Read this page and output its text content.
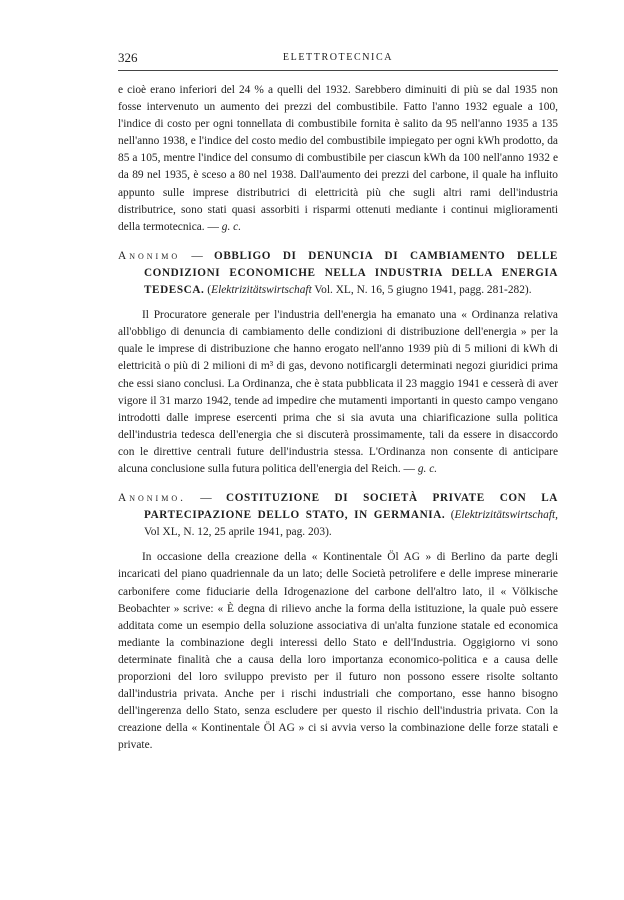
326	ELETTROTECNICA

e cioè erano inferiori del 24 % a quelli del 1932. Sarebbero diminuiti di più se dal 1935 non fosse intervenuto un aumento dei prezzi del combustibile. Fatto l'anno 1932 eguale a 100, l'indice di costo per ogni tonnellata di combustibile fornita è salito da 95 nell'anno 1935 a 135 nell'anno 1938, e l'indice del costo medio del combustibile impiegato per ogni kWh prodotto, da 85 a 105, mentre l'indice del consumo di combustibile per ciascun kWh da 100 nell'anno 1932 e da 89 nel 1935, è sceso a 80 nel 1938. Dall'aumento dei prezzi del carbone, il quale ha influito appunto sulle imprese distributrici di elettricità più che sugli altri rami dell'industria distributrice, sono stati quasi assorbiti i risparmi ottenuti mediante i continui miglioramenti della termotecnica. — g. c.

Anonimo — OBBLIGO DI DENUNCIA DI CAMBIAMENTO DELLE CONDIZIONI ECONOMICHE NELLA INDUSTRIA DELLA ENERGIA TEDESCA. (Elektrizitätswirtschaft Vol. XL, N. 16, 5 giugno 1941, pagg. 281-282).

Il Procuratore generale per l'industria dell'energia ha emanato una « Ordinanza relativa all'obbligo di denuncia di cambiamento delle condizioni di distribuzione dell'energia » per la quale le imprese di distribuzione che hanno erogato nell'anno 1939 più di 5 milioni di kWh di elettricità o più di 2 milioni di m³ di gas, devono notificargli determinati negozi giuridici prima che essi siano conclusi. La Ordinanza, che è stata pubblicata il 23 maggio 1941 e cesserà di aver vigore il 31 marzo 1942, tende ad impedire che mutamenti importanti in questo campo vengano introdotti dalle imprese esercenti prima che si sia avuta una chiarificazione sulla politica dell'industria tedesca dell'energia che si discuterà prossimamente, tali da essere in disaccordo con le direttive centrali future dell'industria stessa. L'Ordinanza non consente di anticipare alcuna conclusione sulla futura politica dell'energia del Reich. — g. c.

Anonimo. — COSTITUZIONE DI SOCIETÀ PRIVATE CON LA PARTECIPAZIONE DELLO STATO, IN GERMANIA. (Elektrizitätswirtschaft, Vol XL, N. 12, 25 aprile 1941, pag. 203).

In occasione della creazione della « Kontinentale Öl AG » di Berlino da parte degli incaricati del piano quadriennale da un lato; delle Società petrolifere e delle imprese minerarie carbonifere come fiduciarie della Idrogenazione del carbone dell'altro lato, il « Völkische Beobachter » scrive: « È degna di rilievo anche la forma della istituzione, la quale può essere additata come un esempio della soluzione associativa di un'alta funzione statale ed economica mediante la combinazione degli interessi dello Stato e dell'Industria. Oggigiorno vi sono determinate finalità che a causa della loro importanza economico-politica e a causa delle proporzioni del loro sviluppo previsto per il futuro non possono essere risolte soltanto dall'industria privata. Anche per i rischi industriali che comportano, esse hanno bisogno dell'ingerenza dello Stato, senza escludere per questo il rischio dell'industria privata. Con la creazione della « Kontinentale Öl AG » ci si avvia verso la combinazione delle forze statali e private.
